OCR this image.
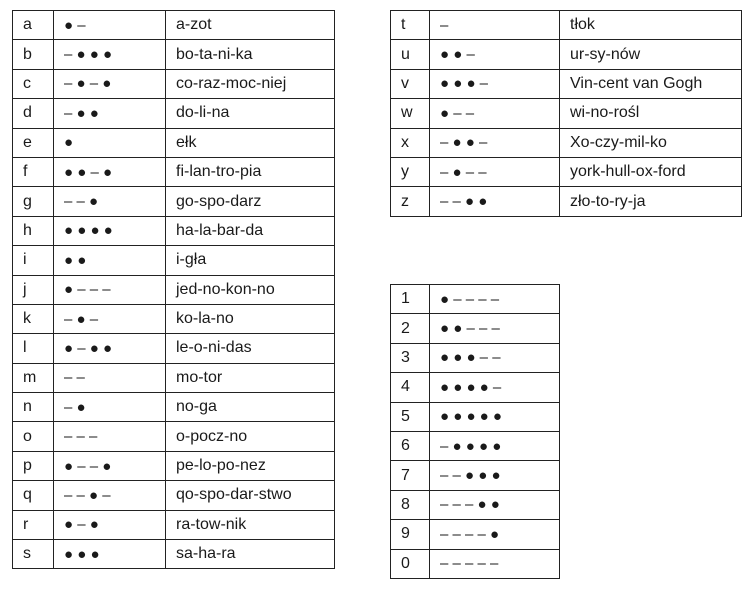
a	● –	a-zot
b	– ● ● ●	bo-ta-ni-ka
c	– ● – ●	co-raz-moc-niej
d	– ● ●	do-li-na
e	●	ełk
f	● ● – ●	fi-lan-tro-pia
g	– – ●	go-spo-darz
h	● ● ● ●	ha-la-bar-da
i	● ●	i-gła
j	● – – –	jed-no-kon-no
k	– ● –	ko-la-no
l	● – ● ●	le-o-ni-das
m	– –	mo-tor
n	– ●	no-ga
o	– – –	o-pocz-no
p	● – – ●	pe-lo-po-nez
q	– – ● –	qo-spo-dar-stwo
r	● – ●	ra-tow-nik
s	● ● ●	sa-ha-ra
t	–	tłok
u	● ● –	ur-sy-nów
v	● ● ● –	Vin-cent van Gogh
w	● – –	wi-no-rośl
x	– ● ● –	Xo-czy-mil-ko
y	– ● – –	york-hull-ox-ford
z	– – ● ●	zło-to-ry-ja
1	● – – – –
2	● ● – – –
3	● ● ● – –
4	● ● ● ● –
5	● ● ● ● ●
6	– ● ● ● ●
7	– – ● ● ●
8	– – – ● ●
9	– – – – ●
0	– – – – –
